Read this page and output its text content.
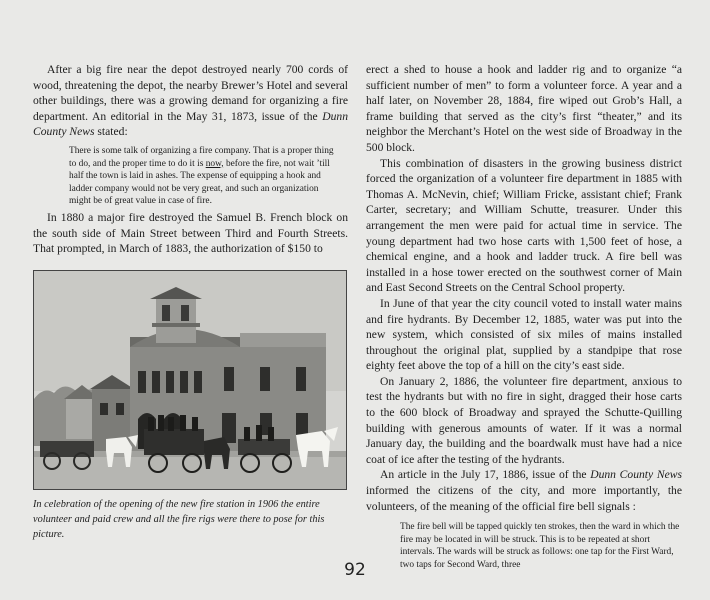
After a big fire near the depot destroyed nearly 700 cords of wood, threatening the depot, the nearby Brewer’s Hotel and several other buildings, there was a growing demand for organizing a fire department. An editorial in the May 31, 1873, issue of the Dunn County News stated:

There is some talk of organizing a fire company. That is a proper thing to do, and the proper time to do it is now, before the fire, not wait ’till half the town is laid in ashes. The expense of equipping a hook and ladder company would not be very great, and such an organization might be of great value in case of fire.

In 1880 a major fire destroyed the Samuel B. French block on the south side of Main Street between Third and Fourth Streets. That prompted, in March of 1883, the authorization of $150 to

In celebration of the opening of the new fire station in 1906 the entire volunteer and paid crew and all the fire rigs were there to pose for this picture.

erect a shed to house a hook and ladder rig and to organize “a sufficient number of men” to form a volunteer force. A year and a half later, on November 28, 1884, fire wiped out Grob’s Hall, a frame building that served as the city’s first “theater,” and its neighbor the Merchant’s Hotel on the west side of Broadway in the 500 block.

This combination of disasters in the growing business district forced the organization of a volunteer fire department in 1885 with Thomas A. McNevin, chief; William Fricke, assistant chief; Frank Carter, secretary; and William Schutte, treasurer. Under this arrangement the men were paid for actual time in service. The young department had two hose carts with 1,500 feet of hose, a chemical engine, and a hook and ladder truck. A fire bell was installed in a hose tower erected on the southwest corner of Main and East Second Streets on the Central School property.

In June of that year the city council voted to install water mains and fire hydrants. By December 12, 1885, water was put into the new system, which consisted of six miles of mains installed throughout the original plat, supplied by a standpipe that rose eighty feet above the top of a hill on the city’s east side.

On January 2, 1886, the volunteer fire department, anxious to test the hydrants but with no fire in sight, dragged their hose carts to the 600 block of Broadway and sprayed the Schutte-Quilling building with generous amounts of water. If it was a normal January day, the building and the boardwalk must have had a nice coat of ice after the testing of the hydrants.

An article in the July 17, 1886, issue of the Dunn County News informed the citizens of the city, and more importantly, the volunteers, of the meaning of the official fire bell signals :

The fire bell will be tapped quickly ten strokes, then the ward in which the fire may be located in will be struck. This is to be repeated at short intervals. The wards will be struck as follows: one tap for the First Ward, two taps for Second Ward, three

92
